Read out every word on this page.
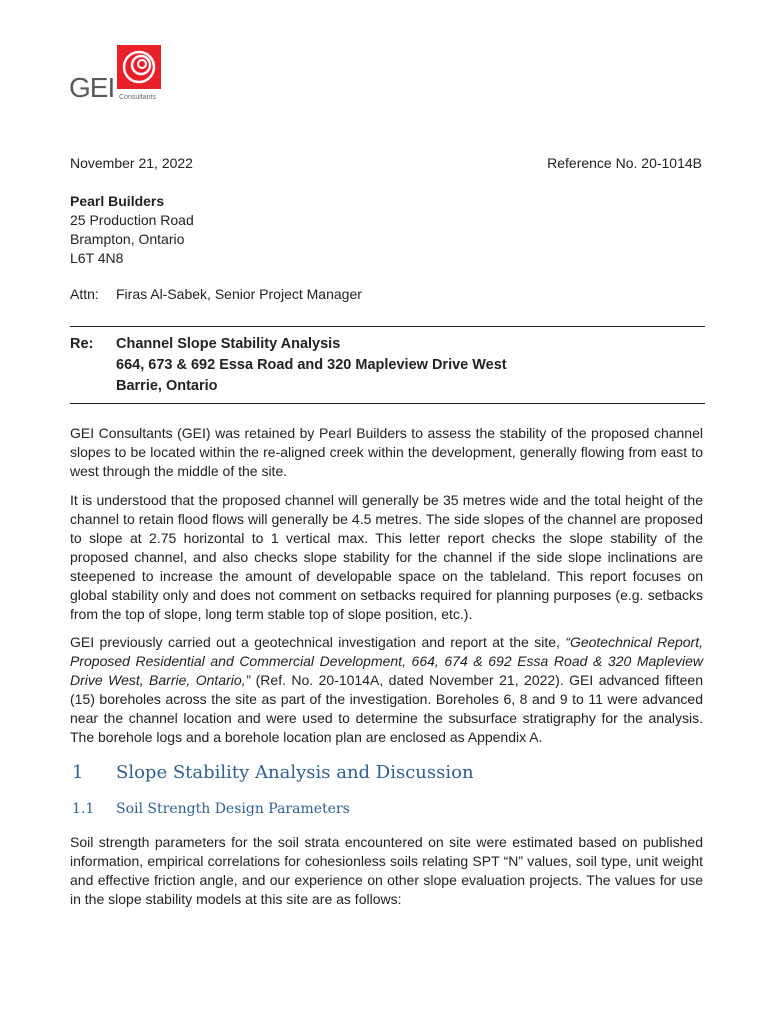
GEI Consultants
November 21, 2022	Reference No. 20-1014B
Pearl Builders
25 Production Road
Brampton, Ontario
L6T 4N8
Attn: Firas Al-Sabek, Senior Project Manager
Re: Channel Slope Stability Analysis
664, 673 & 692 Essa Road and 320 Mapleview Drive West
Barrie, Ontario
GEI Consultants (GEI) was retained by Pearl Builders to assess the stability of the proposed channel slopes to be located within the re-aligned creek within the development, generally flowing from east to west through the middle of the site.
It is understood that the proposed channel will generally be 35 metres wide and the total height of the channel to retain flood flows will generally be 4.5 metres. The side slopes of the channel are proposed to slope at 2.75 horizontal to 1 vertical max. This letter report checks the slope stability of the proposed channel, and also checks slope stability for the channel if the side slope inclinations are steepened to increase the amount of developable space on the tableland. This report focuses on global stability only and does not comment on setbacks required for planning purposes (e.g. setbacks from the top of slope, long term stable top of slope position, etc.).
GEI previously carried out a geotechnical investigation and report at the site, “Geotechnical Report, Proposed Residential and Commercial Development, 664, 674 & 692 Essa Road & 320 Mapleview Drive West, Barrie, Ontario,” (Ref. No. 20-1014A, dated November 21, 2022). GEI advanced fifteen (15) boreholes across the site as part of the investigation. Boreholes 6, 8 and 9 to 11 were advanced near the channel location and were used to determine the subsurface stratigraphy for the analysis. The borehole logs and a borehole location plan are enclosed as Appendix A.
1 Slope Stability Analysis and Discussion
1.1 Soil Strength Design Parameters
Soil strength parameters for the soil strata encountered on site were estimated based on published information, empirical correlations for cohesionless soils relating SPT “N” values, soil type, unit weight and effective friction angle, and our experience on other slope evaluation projects. The values for use in the slope stability models at this site are as follows:
